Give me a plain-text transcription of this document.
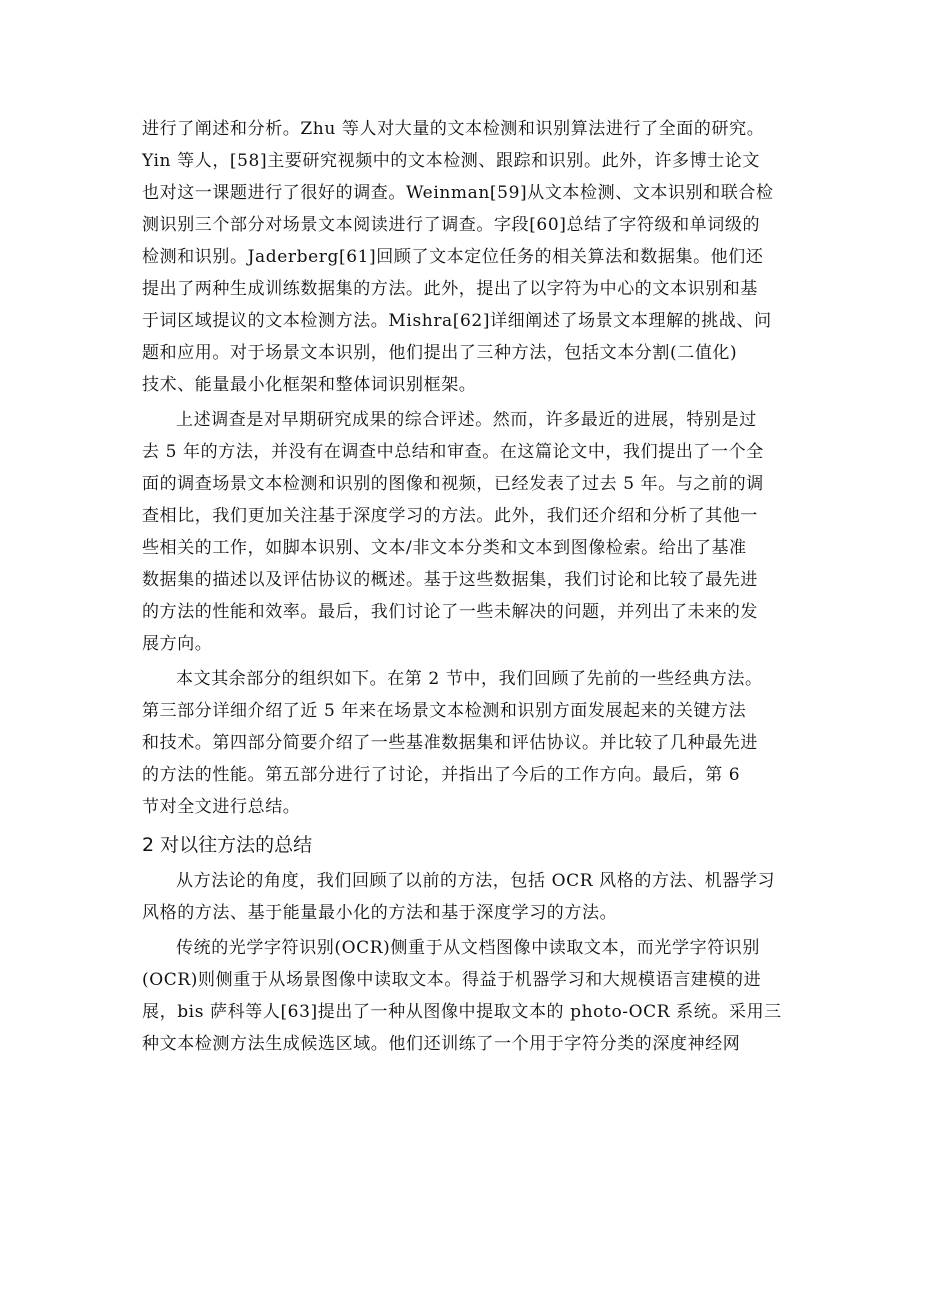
进行了阐述和分析。Zhu 等人对大量的文本检测和识别算法进行了全面的研究。
Yin 等人，[58]主要研究视频中的文本检测、跟踪和识别。此外，许多博士论文
也对这一课题进行了很好的调查。Weinman[59]从文本检测、文本识别和联合检
测识别三个部分对场景文本阅读进行了调查。字段[60]总结了字符级和单词级的
检测和识别。Jaderberg[61]回顾了文本定位任务的相关算法和数据集。他们还
提出了两种生成训练数据集的方法。此外，提出了以字符为中心的文本识别和基
于词区域提议的文本检测方法。Mishra[62]详细阐述了场景文本理解的挑战、问
题和应用。对于场景文本识别，他们提出了三种方法，包括文本分割(二值化)
技术、能量最小化框架和整体词识别框架。
上述调查是对早期研究成果的综合评述。然而，许多最近的进展，特别是过
去 5 年的方法，并没有在调查中总结和审查。在这篇论文中，我们提出了一个全
面的调查场景文本检测和识别的图像和视频，已经发表了过去 5 年。与之前的调
查相比，我们更加关注基于深度学习的方法。此外，我们还介绍和分析了其他一
些相关的工作，如脚本识别、文本/非文本分类和文本到图像检索。给出了基准
数据集的描述以及评估协议的概述。基于这些数据集，我们讨论和比较了最先进
的方法的性能和效率。最后，我们讨论了一些未解决的问题，并列出了未来的发
展方向。
本文其余部分的组织如下。在第 2 节中，我们回顾了先前的一些经典方法。
第三部分详细介绍了近 5 年来在场景文本检测和识别方面发展起来的关键方法
和技术。第四部分简要介绍了一些基准数据集和评估协议。并比较了几种最先进
的方法的性能。第五部分进行了讨论，并指出了今后的工作方向。最后，第 6
节对全文进行总结。
2 对以往方法的总结
从方法论的角度，我们回顾了以前的方法，包括 OCR 风格的方法、机器学习
风格的方法、基于能量最小化的方法和基于深度学习的方法。
传统的光学字符识别(OCR)侧重于从文档图像中读取文本，而光学字符识别
(OCR)则侧重于从场景图像中读取文本。得益于机器学习和大规模语言建模的进
展，bis 萨科等人[63]提出了一种从图像中提取文本的 photo-OCR 系统。采用三
种文本检测方法生成候选区域。他们还训练了一个用于字符分类的深度神经网
